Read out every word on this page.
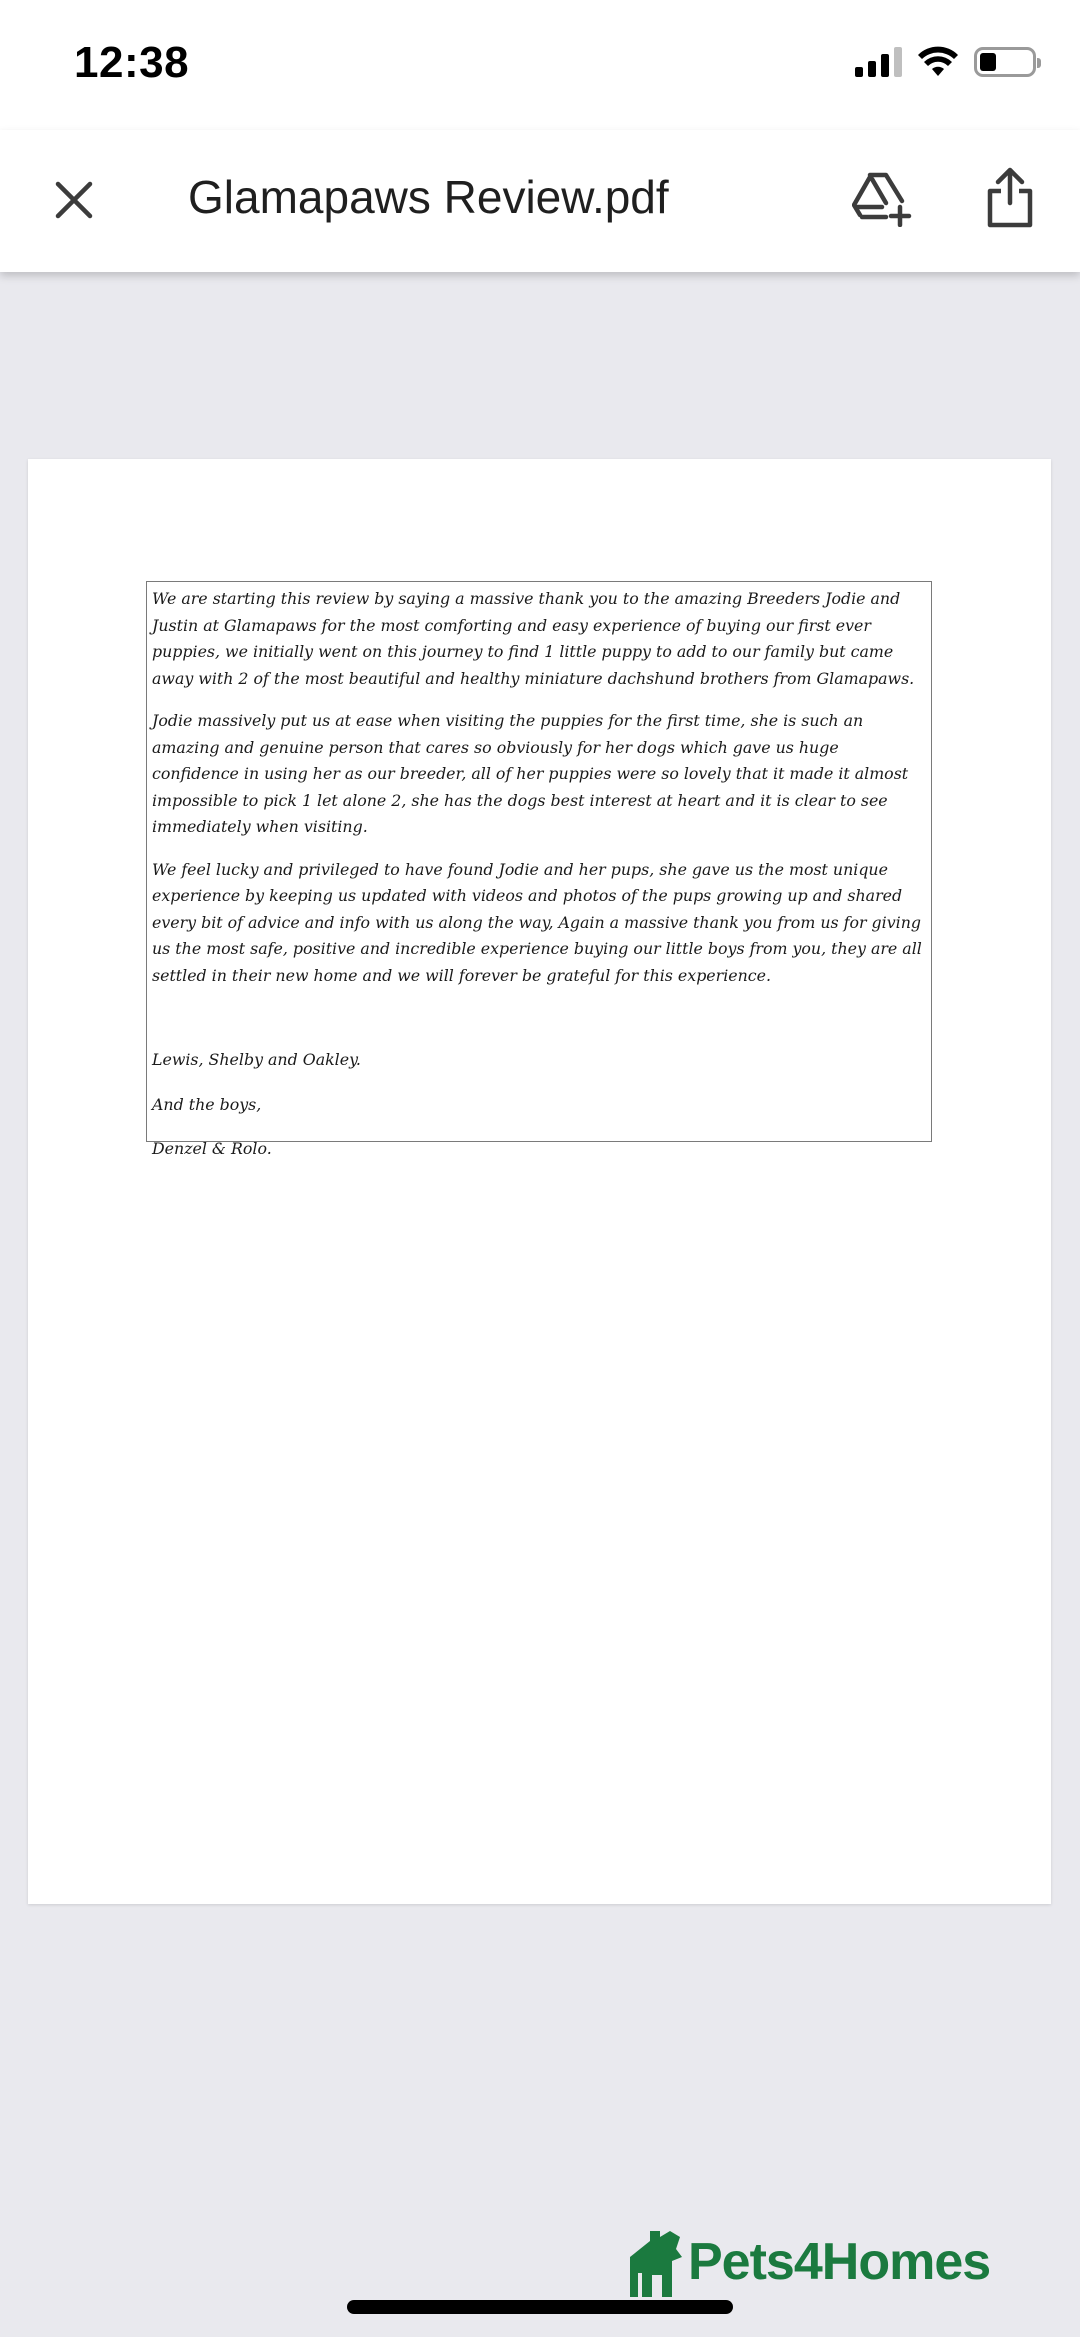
12:38
Glamapaws Review.pdf

We are starting this review by saying a massive thank you to the amazing Breeders Jodie and Justin at Glamapaws for the most comforting and easy experience of buying our first ever puppies, we initially went on this journey to find 1 little puppy to add to our family but came away with 2 of the most beautiful and healthy miniature dachshund brothers from Glamapaws.

Jodie massively put us at ease when visiting the puppies for the first time, she is such an amazing and genuine person that cares so obviously for her dogs which gave us huge confidence in using her as our breeder, all of her puppies were so lovely that it made it almost impossible to pick 1 let alone 2, she has the dogs best interest at heart and it is clear to see immediately when visiting.

We feel lucky and privileged to have found Jodie and her pups, she gave us the most unique experience by keeping us updated with videos and photos of the pups growing up and shared every bit of advice and info with us along the way, Again a massive thank you from us for giving us the most safe, positive and incredible experience buying our little boys from you, they are all settled in their new home and we will forever be grateful for this experience.

Lewis, Shelby and Oakley.

And the boys,

Denzel & Rolo.

Pets4Homes
